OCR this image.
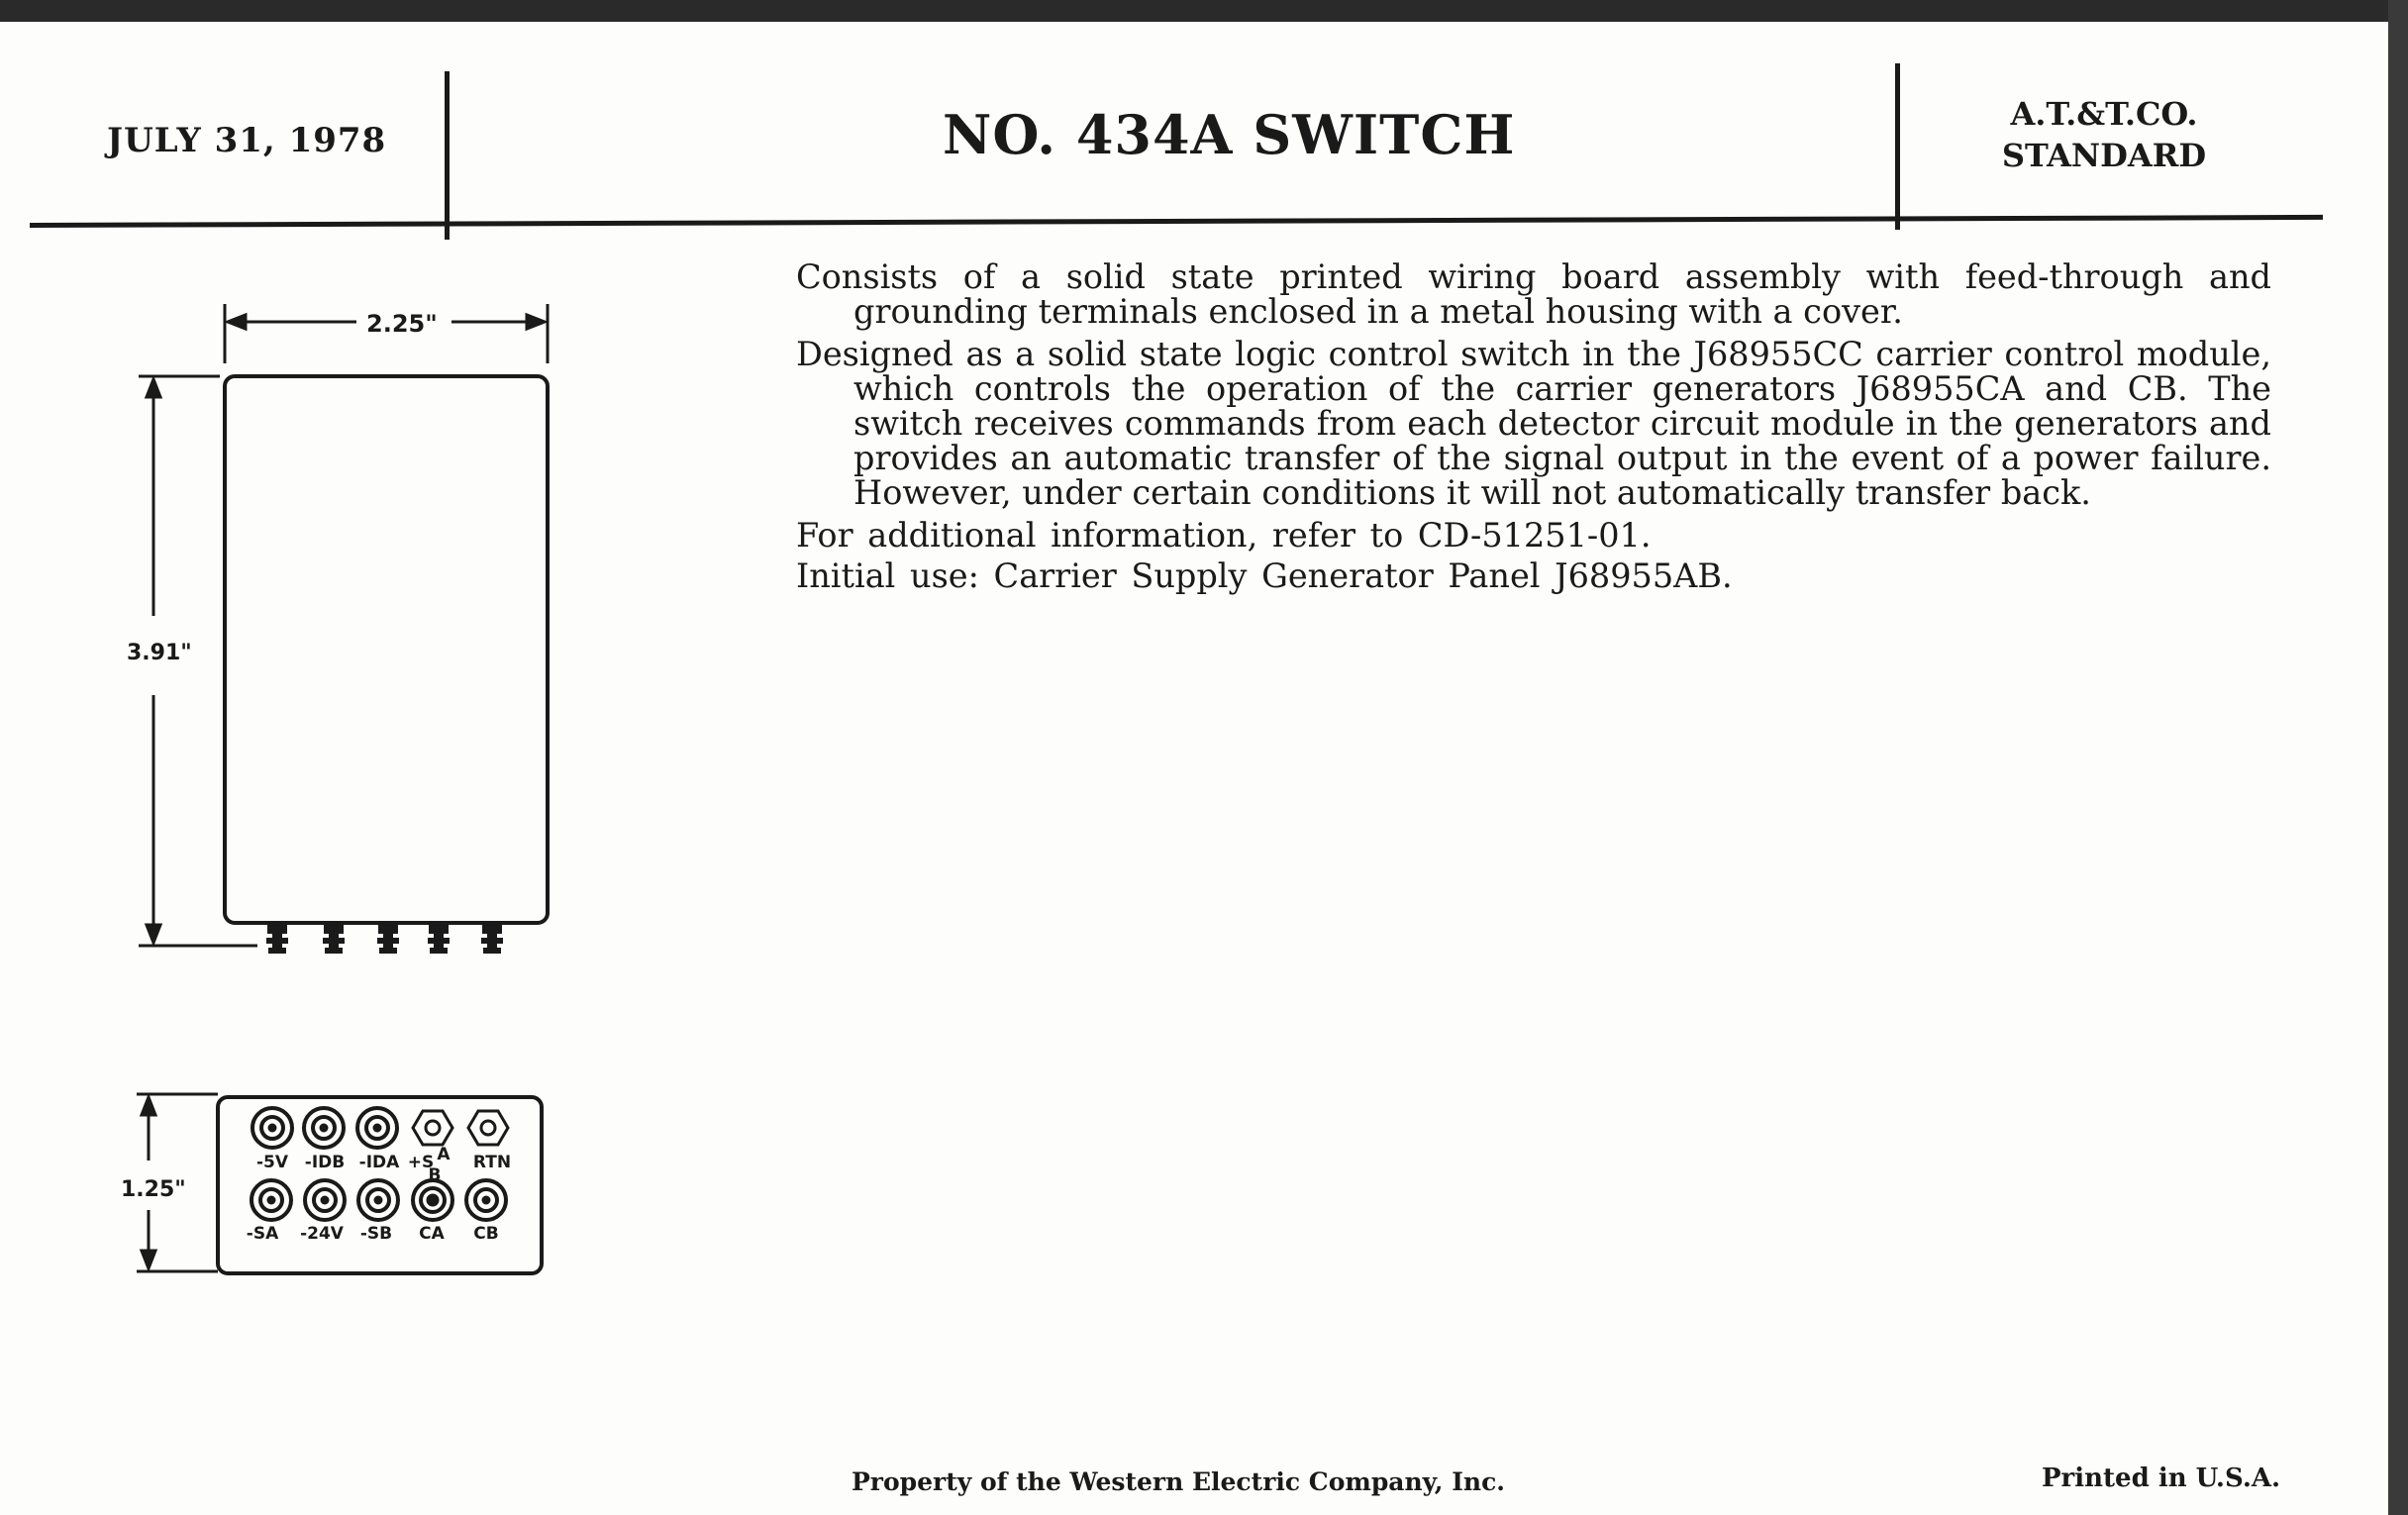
JULY 31, 1978	NO. 434A SWITCH	A.T.&T.CO.
STANDARD
2.25"
3.91"
1.25"
-5V -IDB -IDA +S A
B
RTN
-SA -24V -SB CA CB

Consists of a solid state printed wiring board assembly with feed-through and grounding terminals enclosed in a metal housing with a cover.

Designed as a solid state logic control switch in the J68955CC carrier control module, which controls the operation of the carrier generators J68955CA and CB. The switch receives commands from each detector circuit module in the generators and provides an automatic transfer of the signal output in the event of a power failure. However, under certain conditions it will not automatically transfer back.

For additional information, refer to CD-51251-01.

Initial use: Carrier Supply Generator Panel J68955AB.

Property of the Western Electric Company, Inc.	Printed in U.S.A.
